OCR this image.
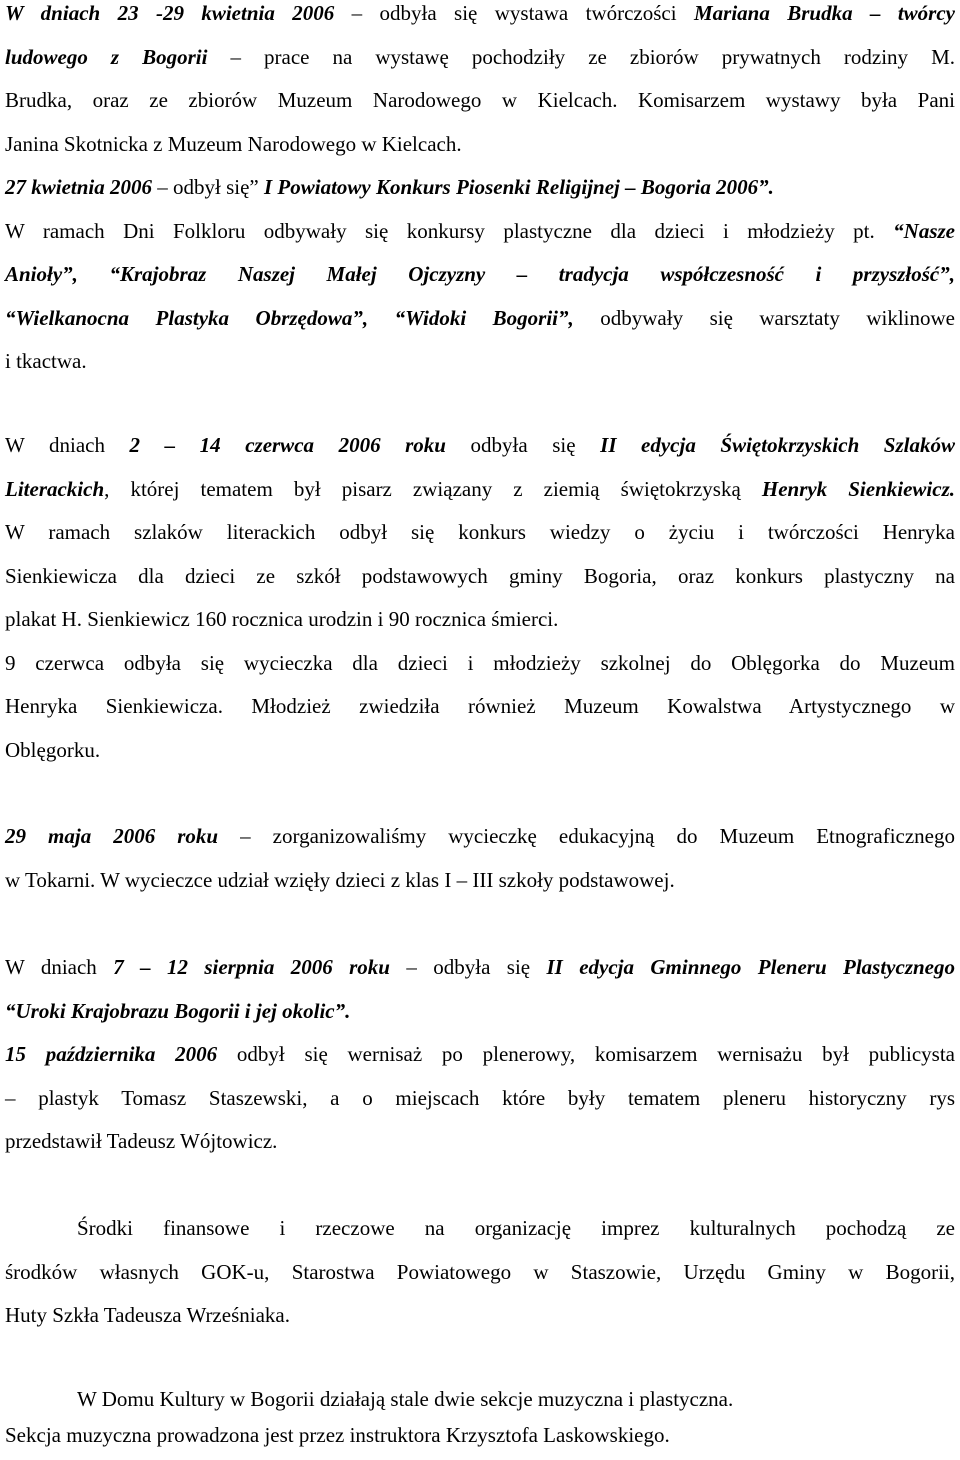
W dniach 23 -29 kwietnia 2006 – odbyła się wystawa twórczości Mariana Brudka – twórcy
ludowego z Bogorii – prace na wystawę pochodziły ze zbiorów prywatnych rodziny M.
Brudka, oraz ze zbiorów Muzeum Narodowego w Kielcach. Komisarzem wystawy była Pani
Janina Skotnicka z Muzeum Narodowego w Kielcach.
27 kwietnia 2006 – odbył się” I Powiatowy Konkurs Piosenki Religijnej – Bogoria 2006”.
W ramach Dni Folkloru odbywały się konkursy plastyczne dla dzieci i młodzieży pt. “Nasze
Anioły”, “Krajobraz Naszej Małej Ojczyzny – tradycja współczesność i przyszłość”,
“Wielkanocna Plastyka Obrzędowa”, “Widoki Bogorii”, odbywały się warsztaty wiklinowe
i tkactwa.
W dniach 2 – 14 czerwca 2006 roku odbyła się II edycja Świętokrzyskich Szlaków
Literackich, której tematem był pisarz związany z ziemią świętokrzyską Henryk Sienkiewicz.
W ramach szlaków literackich odbył się konkurs wiedzy o życiu i twórczości Henryka
Sienkiewicza dla dzieci ze szkół podstawowych gminy Bogoria, oraz konkurs plastyczny na
plakat H. Sienkiewicz 160 rocznica urodzin i 90 rocznica śmierci.
9 czerwca odbyła się wycieczka dla dzieci i młodzieży szkolnej do Oblęgorka do Muzeum
Henryka Sienkiewicza. Młodzież zwiedziła również Muzeum Kowalstwa Artystycznego w
Oblęgorku.
29 maja 2006 roku – zorganizowaliśmy wycieczkę edukacyjną do Muzeum Etnograficznego
w Tokarni. W wycieczce udział wzięły dzieci z klas I – III szkoły podstawowej.
W dniach 7 – 12 sierpnia 2006 roku – odbyła się II edycja Gminnego Pleneru Plastycznego
“Uroki Krajobrazu Bogorii i jej okolic”.
15 października 2006 odbył się wernisaż po plenerowy, komisarzem wernisażu był publicysta
– plastyk Tomasz Staszewski, a o miejscach które były tematem pleneru historyczny rys
przedstawił Tadeusz Wójtowicz.
Środki finansowe i rzeczowe na organizację imprez kulturalnych pochodzą ze
środków własnych GOK-u, Starostwa Powiatowego w Staszowie, Urzędu Gminy w Bogorii,
Huty Szkła Tadeusza Wrześniaka.
W Domu Kultury w Bogorii działają stale dwie sekcje muzyczna i plastyczna.
Sekcja muzyczna prowadzona jest przez instruktora Krzysztofa Laskowskiego.
